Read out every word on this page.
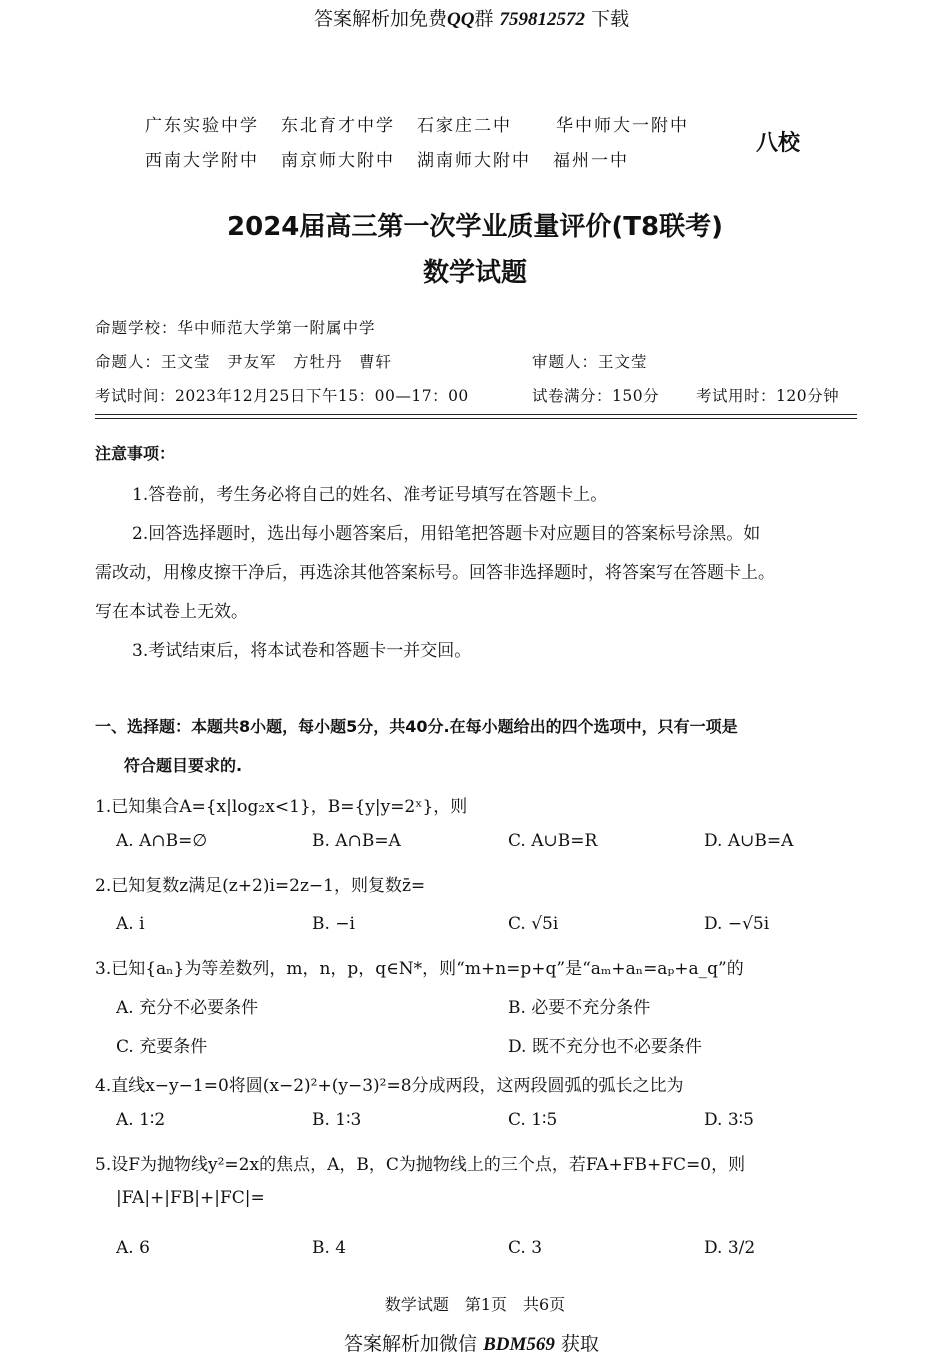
答案解析加免费QQ群 759812572 下载
广东实验中学 东北育才中学 石家庄二中	华中师大一附中
西南大学附中 南京师大附中 湖南师大附中 福州一中
八校
2024届高三第一次学业质量评价(T8联考)
数学试题
命题学校：华中师范大学第一附属中学
命题人：王文莹　尹友军　方牡丹　曹轩	审题人：王文莹
考试时间：2023年12月25日下午15：00—17：00	试卷满分：150分 考试用时：120分钟
注意事项：
1.答卷前，考生务必将自己的姓名、准考证号填写在答题卡上。
2.回答选择题时，选出每小题答案后，用铅笔把答题卡对应题目的答案标号涂黑。如
需改动，用橡皮擦干净后，再选涂其他答案标号。回答非选择题时，将答案写在答题卡上。
写在本试卷上无效。
3.考试结束后，将本试卷和答题卡一并交回。
一、选择题：本题共8小题，每小题5分，共40分.在每小题给出的四个选项中，只有一项是
符合题目要求的.
1.已知集合A={x|log₂x<1}，B={y|y=2ˣ}，则
A. A∩B=∅	B. A∩B=A	C. A∪B=R	D. A∪B=A
2.已知复数z满足(z+2)i=2z−1，则复数z̄=
A. i	B. −i	C. √5i	D. −√5i
3.已知{aₙ}为等差数列，m，n，p，q∈N*，则“m+n=p+q”是“aₘ+aₙ=aₚ+a_q”的
A. 充分不必要条件	B. 必要不充分条件
C. 充要条件	D. 既不充分也不必要条件
4.直线x−y−1=0将圆(x−2)²+(y−3)²=8分成两段，这两段圆弧的弧长之比为
A. 1∶2	B. 1∶3	C. 1∶5	D. 3∶5
5.设F为抛物线y²=2x的焦点，A，B，C为抛物线上的三个点，若FA+FB+FC=0，则
|FA|+|FB|+|FC|=
A. 6	B. 4	C. 3	D. 3/2
数学试题　第1页　共6页
答案解析加微信 BDM569 获取
